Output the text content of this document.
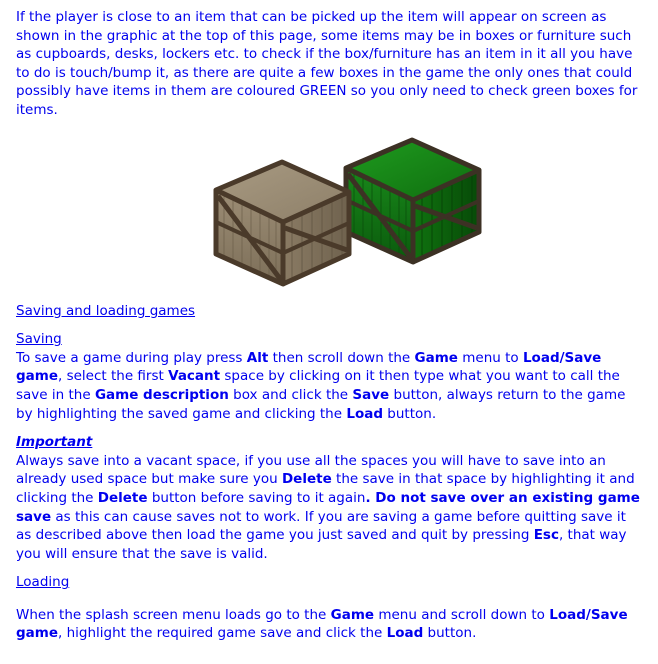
If the player is close to an item that can be picked up the item will appear on screen as shown in the graphic at the top of this page, some items may be in boxes or furniture such as cupboards, desks, lockers etc. to check if the box/furniture has an item in it all you have to do is touch/bump it, as there are quite a few boxes in the game the only ones that could possibly have items in them are coloured GREEN so you only need to check green boxes for items.

Saving and loading games
Saving

To save a game during play press Alt then scroll down the Game menu to Load/Save game, select the first Vacant space by clicking on it then type what you want to call the save in the Game description box and click the Save button, always return to the game by highlighting the saved game and clicking the Load button.

Important

Always save into a vacant space, if you use all the spaces you will have to save into an already used space but make sure you Delete the save in that space by highlighting it and clicking the Delete button before saving to it again. Do not save over an existing game save as this can cause saves not to work. If you are saving a game before quitting save it as described above then load the game you just saved and quit by pressing Esc, that way you will ensure that the save is valid.

Loading

When the splash screen menu loads go to the Game menu and scroll down to Load/Save game, highlight the required game save and click the Load button.
